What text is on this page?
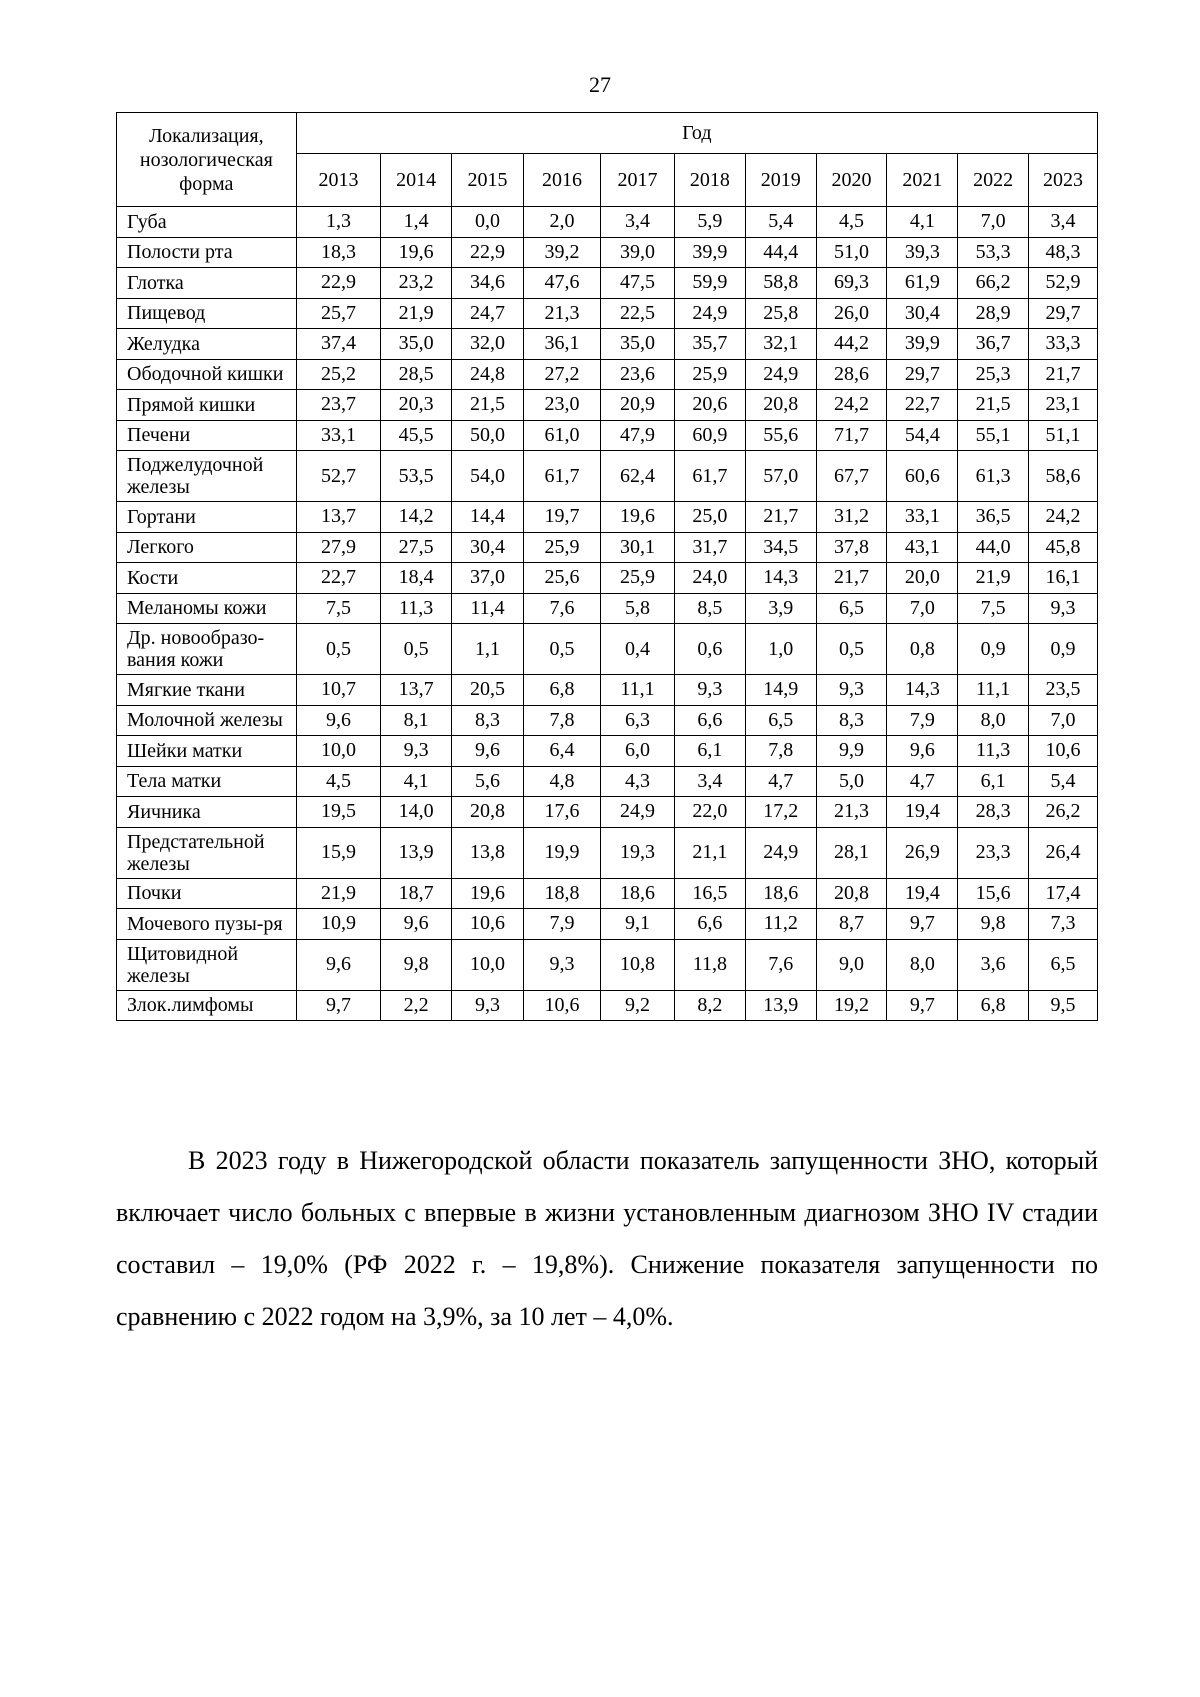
27
Локализация, нозологическая форма	Год										
	2013	2014	2015	2016	2017	2018	2019	2020	2021	2022	2023
Губа	1,3	1,4	0,0	2,0	3,4	5,9	5,4	4,5	4,1	7,0	3,4
Полости рта	18,3	19,6	22,9	39,2	39,0	39,9	44,4	51,0	39,3	53,3	48,3
Глотка	22,9	23,2	34,6	47,6	47,5	59,9	58,8	69,3	61,9	66,2	52,9
Пищевод	25,7	21,9	24,7	21,3	22,5	24,9	25,8	26,0	30,4	28,9	29,7
Желудка	37,4	35,0	32,0	36,1	35,0	35,7	32,1	44,2	39,9	36,7	33,3
Ободочной кишки	25,2	28,5	24,8	27,2	23,6	25,9	24,9	28,6	29,7	25,3	21,7
Прямой кишки	23,7	20,3	21,5	23,0	20,9	20,6	20,8	24,2	22,7	21,5	23,1
Печени	33,1	45,5	50,0	61,0	47,9	60,9	55,6	71,7	54,4	55,1	51,1
Поджелудочной железы	52,7	53,5	54,0	61,7	62,4	61,7	57,0	67,7	60,6	61,3	58,6
Гортани	13,7	14,2	14,4	19,7	19,6	25,0	21,7	31,2	33,1	36,5	24,2
Легкого	27,9	27,5	30,4	25,9	30,1	31,7	34,5	37,8	43,1	44,0	45,8
Кости	22,7	18,4	37,0	25,6	25,9	24,0	14,3	21,7	20,0	21,9	16,1
Меланомы кожи	7,5	11,3	11,4	7,6	5,8	8,5	3,9	6,5	7,0	7,5	9,3
Др. новообразо-вания кожи	0,5	0,5	1,1	0,5	0,4	0,6	1,0	0,5	0,8	0,9	0,9
Мягкие ткани	10,7	13,7	20,5	6,8	11,1	9,3	14,9	9,3	14,3	11,1	23,5
Молочной железы	9,6	8,1	8,3	7,8	6,3	6,6	6,5	8,3	7,9	8,0	7,0
Шейки матки	10,0	9,3	9,6	6,4	6,0	6,1	7,8	9,9	9,6	11,3	10,6
Тела матки	4,5	4,1	5,6	4,8	4,3	3,4	4,7	5,0	4,7	6,1	5,4
Яичника	19,5	14,0	20,8	17,6	24,9	22,0	17,2	21,3	19,4	28,3	26,2
Предстательной железы	15,9	13,9	13,8	19,9	19,3	21,1	24,9	28,1	26,9	23,3	26,4
Почки	21,9	18,7	19,6	18,8	18,6	16,5	18,6	20,8	19,4	15,6	17,4
Мочевого пузы-ря	10,9	9,6	10,6	7,9	9,1	6,6	11,2	8,7	9,7	9,8	7,3
Щитовидной железы	9,6	9,8	10,0	9,3	10,8	11,8	7,6	9,0	8,0	3,6	6,5
Злок.лимфомы	9,7	2,2	9,3	10,6	9,2	8,2	13,9	19,2	9,7	6,8	9,5

В 2023 году в Нижегородской области показатель запущенности ЗНО, который включает число больных с впервые в жизни установленным диагнозом ЗНО IV стадии составил – 19,0% (РФ 2022 г. – 19,8%). Снижение показателя запущенности по сравнению с 2022 годом на 3,9%, за 10 лет – 4,0%.
